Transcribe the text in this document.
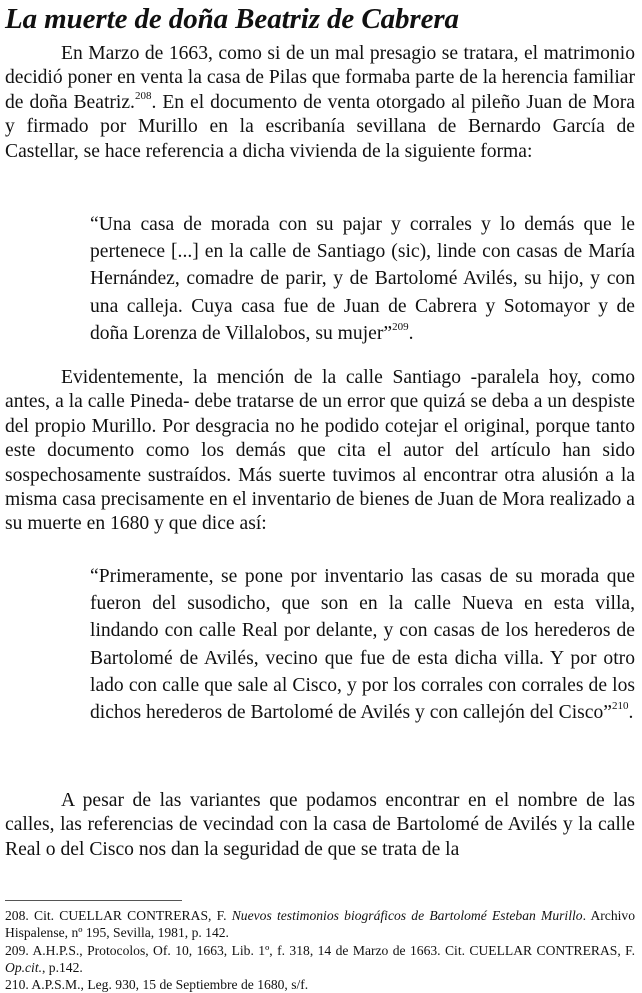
La muerte de doña Beatriz de Cabrera

En Marzo de 1663, como si de un mal presagio se tratara, el matrimonio decidió poner en venta la casa de Pilas que formaba parte de la herencia familiar de doña Beatriz.$^{208}$. En el documento de venta otorgado al pileño Juan de Mora y firmado por Murillo en la escribanía sevillana de Bernardo García de Castellar, se hace referencia a dicha vivienda de la siguiente forma:

“Una casa de morada con su pajar y corrales y lo demás que le pertenece [...] en la calle de Santiago (sic), linde con casas de María Hernández, comadre de parir, y de Bartolomé Avilés, su hijo, y con una calleja. Cuya casa fue de Juan de Cabrera y Sotomayor y de doña Lorenza de Villalobos, su mujer”$^{209}$.

Evidentemente, la mención de la calle Santiago -paralela hoy, como antes, a la calle Pineda- debe tratarse de un error que quizá se deba a un despiste del propio Murillo. Por desgracia no he podido cotejar el original, porque tanto este documento como los demás que cita el autor del artículo han sido sospechosamente sustraídos. Más suerte tuvimos al encontrar otra alusión a la misma casa precisamente en el inventario de bienes de Juan de Mora realizado a su muerte en 1680 y que dice así:

“Primeramente, se pone por inventario las casas de su morada que fueron del susodicho, que son en la calle Nueva en esta villa, lindando con calle Real por delante, y con casas de los herederos de Bartolomé de Avilés, vecino que fue de esta dicha villa. Y por otro lado con calle que sale al Cisco, y por los corrales con corrales de los dichos herederos de Bartolomé de Avilés y con callejón del Cisco”$^{210}$.

A pesar de las variantes que podamos encontrar en el nombre de las calles, las referencias de vecindad con la casa de Bartolomé de Avilés y la calle Real o del Cisco nos dan la seguridad de que se trata de la

208. Cit. CUELLAR CONTRERAS, F. Nuevos testimonios biográficos de Bartolomé Esteban Murillo. Archivo Hispalense, nº 195, Sevilla, 1981, p. 142.

209. A.H.P.S., Protocolos, Of. 10, 1663, Lib. 1º, f. 318, 14 de Marzo de 1663. Cit. CUELLAR CONTRERAS, F. Op.cit., p.142.

210. A.P.S.M., Leg. 930, 15 de Septiembre de 1680, s/f.
